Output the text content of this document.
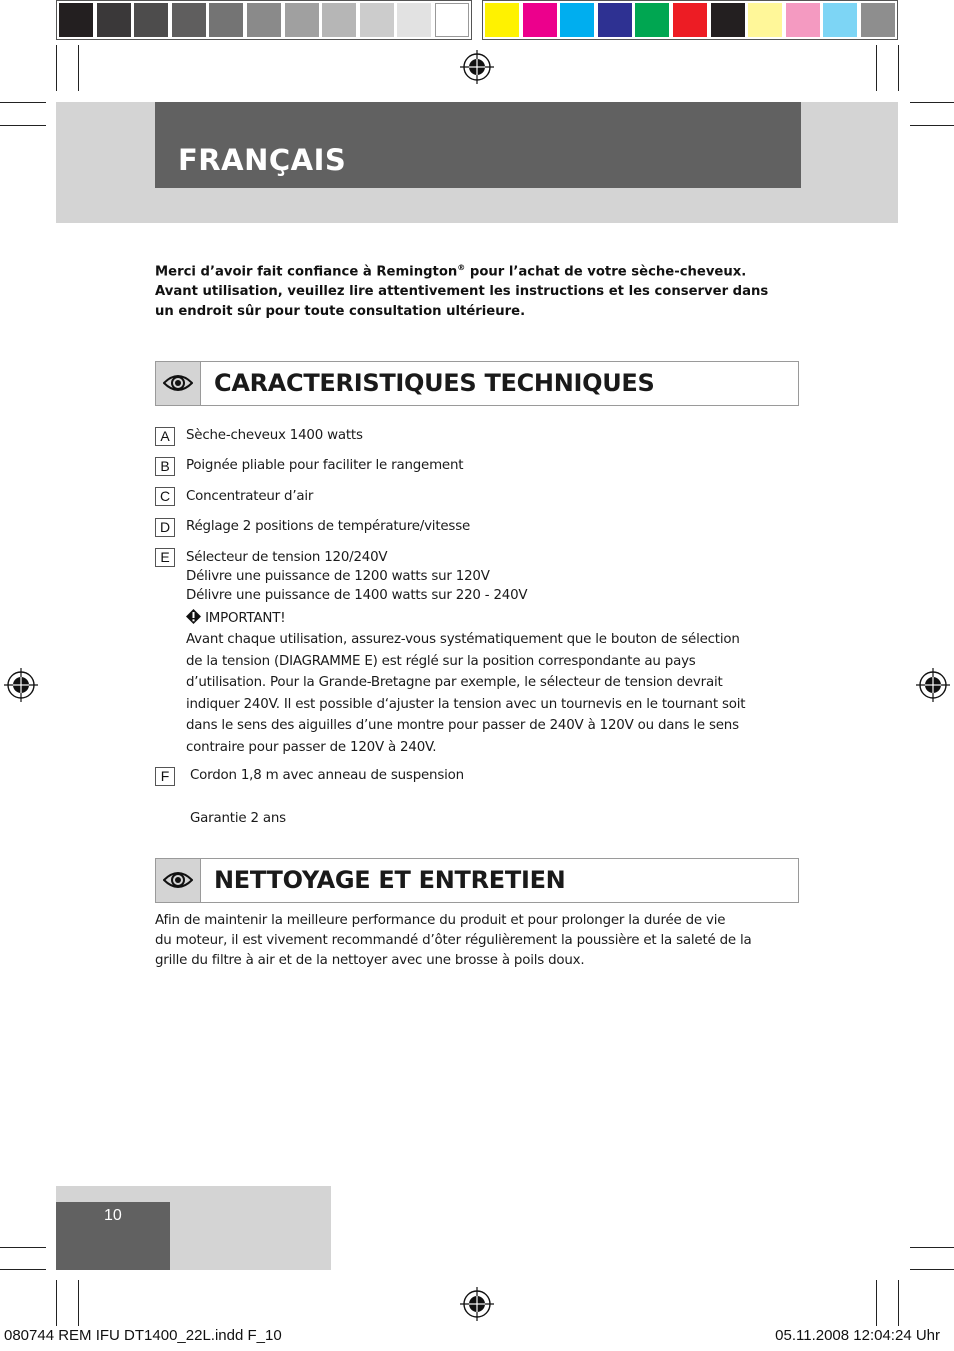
FRANÇAIS
Merci d’avoir fait confiance à Remington® pour l’achat de votre sèche-cheveux.
Avant utilisation, veuillez lire attentivement les instructions et les conserver dans
un endroit sûr pour toute consultation ultérieure.
CARACTERISTIQUES TECHNIQUES
A	Sèche-cheveux 1400 watts
B	Poignée pliable pour faciliter le rangement
C	Concentrateur d’air
D	Réglage 2 positions de température/vitesse
E	Sélecteur de tension 120/240V
Délivre une puissance de 1200 watts sur 120V
Délivre une puissance de 1400 watts sur 220 - 240V
IMPORTANT!
Avant chaque utilisation, assurez-vous systématiquement que le bouton de sélection
de la tension (DIAGRAMME E) est réglé sur la position correspondante au pays
d’utilisation. Pour la Grande-Bretagne par exemple, le sélecteur de tension devrait
indiquer 240V. Il est possible d‘ajuster la tension avec un tournevis en le tournant soit
dans le sens des aiguilles d’une montre pour passer de 240V à 120V ou dans le sens
contraire pour passer de 120V à 240V.
F	Cordon 1,8 m avec anneau de suspension
Garantie 2 ans
NETTOYAGE ET ENTRETIEN
Afin de maintenir la meilleure performance du produit et pour prolonger la durée de vie
du moteur, il est vivement recommandé d’ôter régulièrement la poussière et la saleté de la
grille du filtre à air et de la nettoyer avec une brosse à poils doux.
10
080744 REM IFU DT1400_22L.indd F_10	05.11.2008 12:04:24 Uhr
